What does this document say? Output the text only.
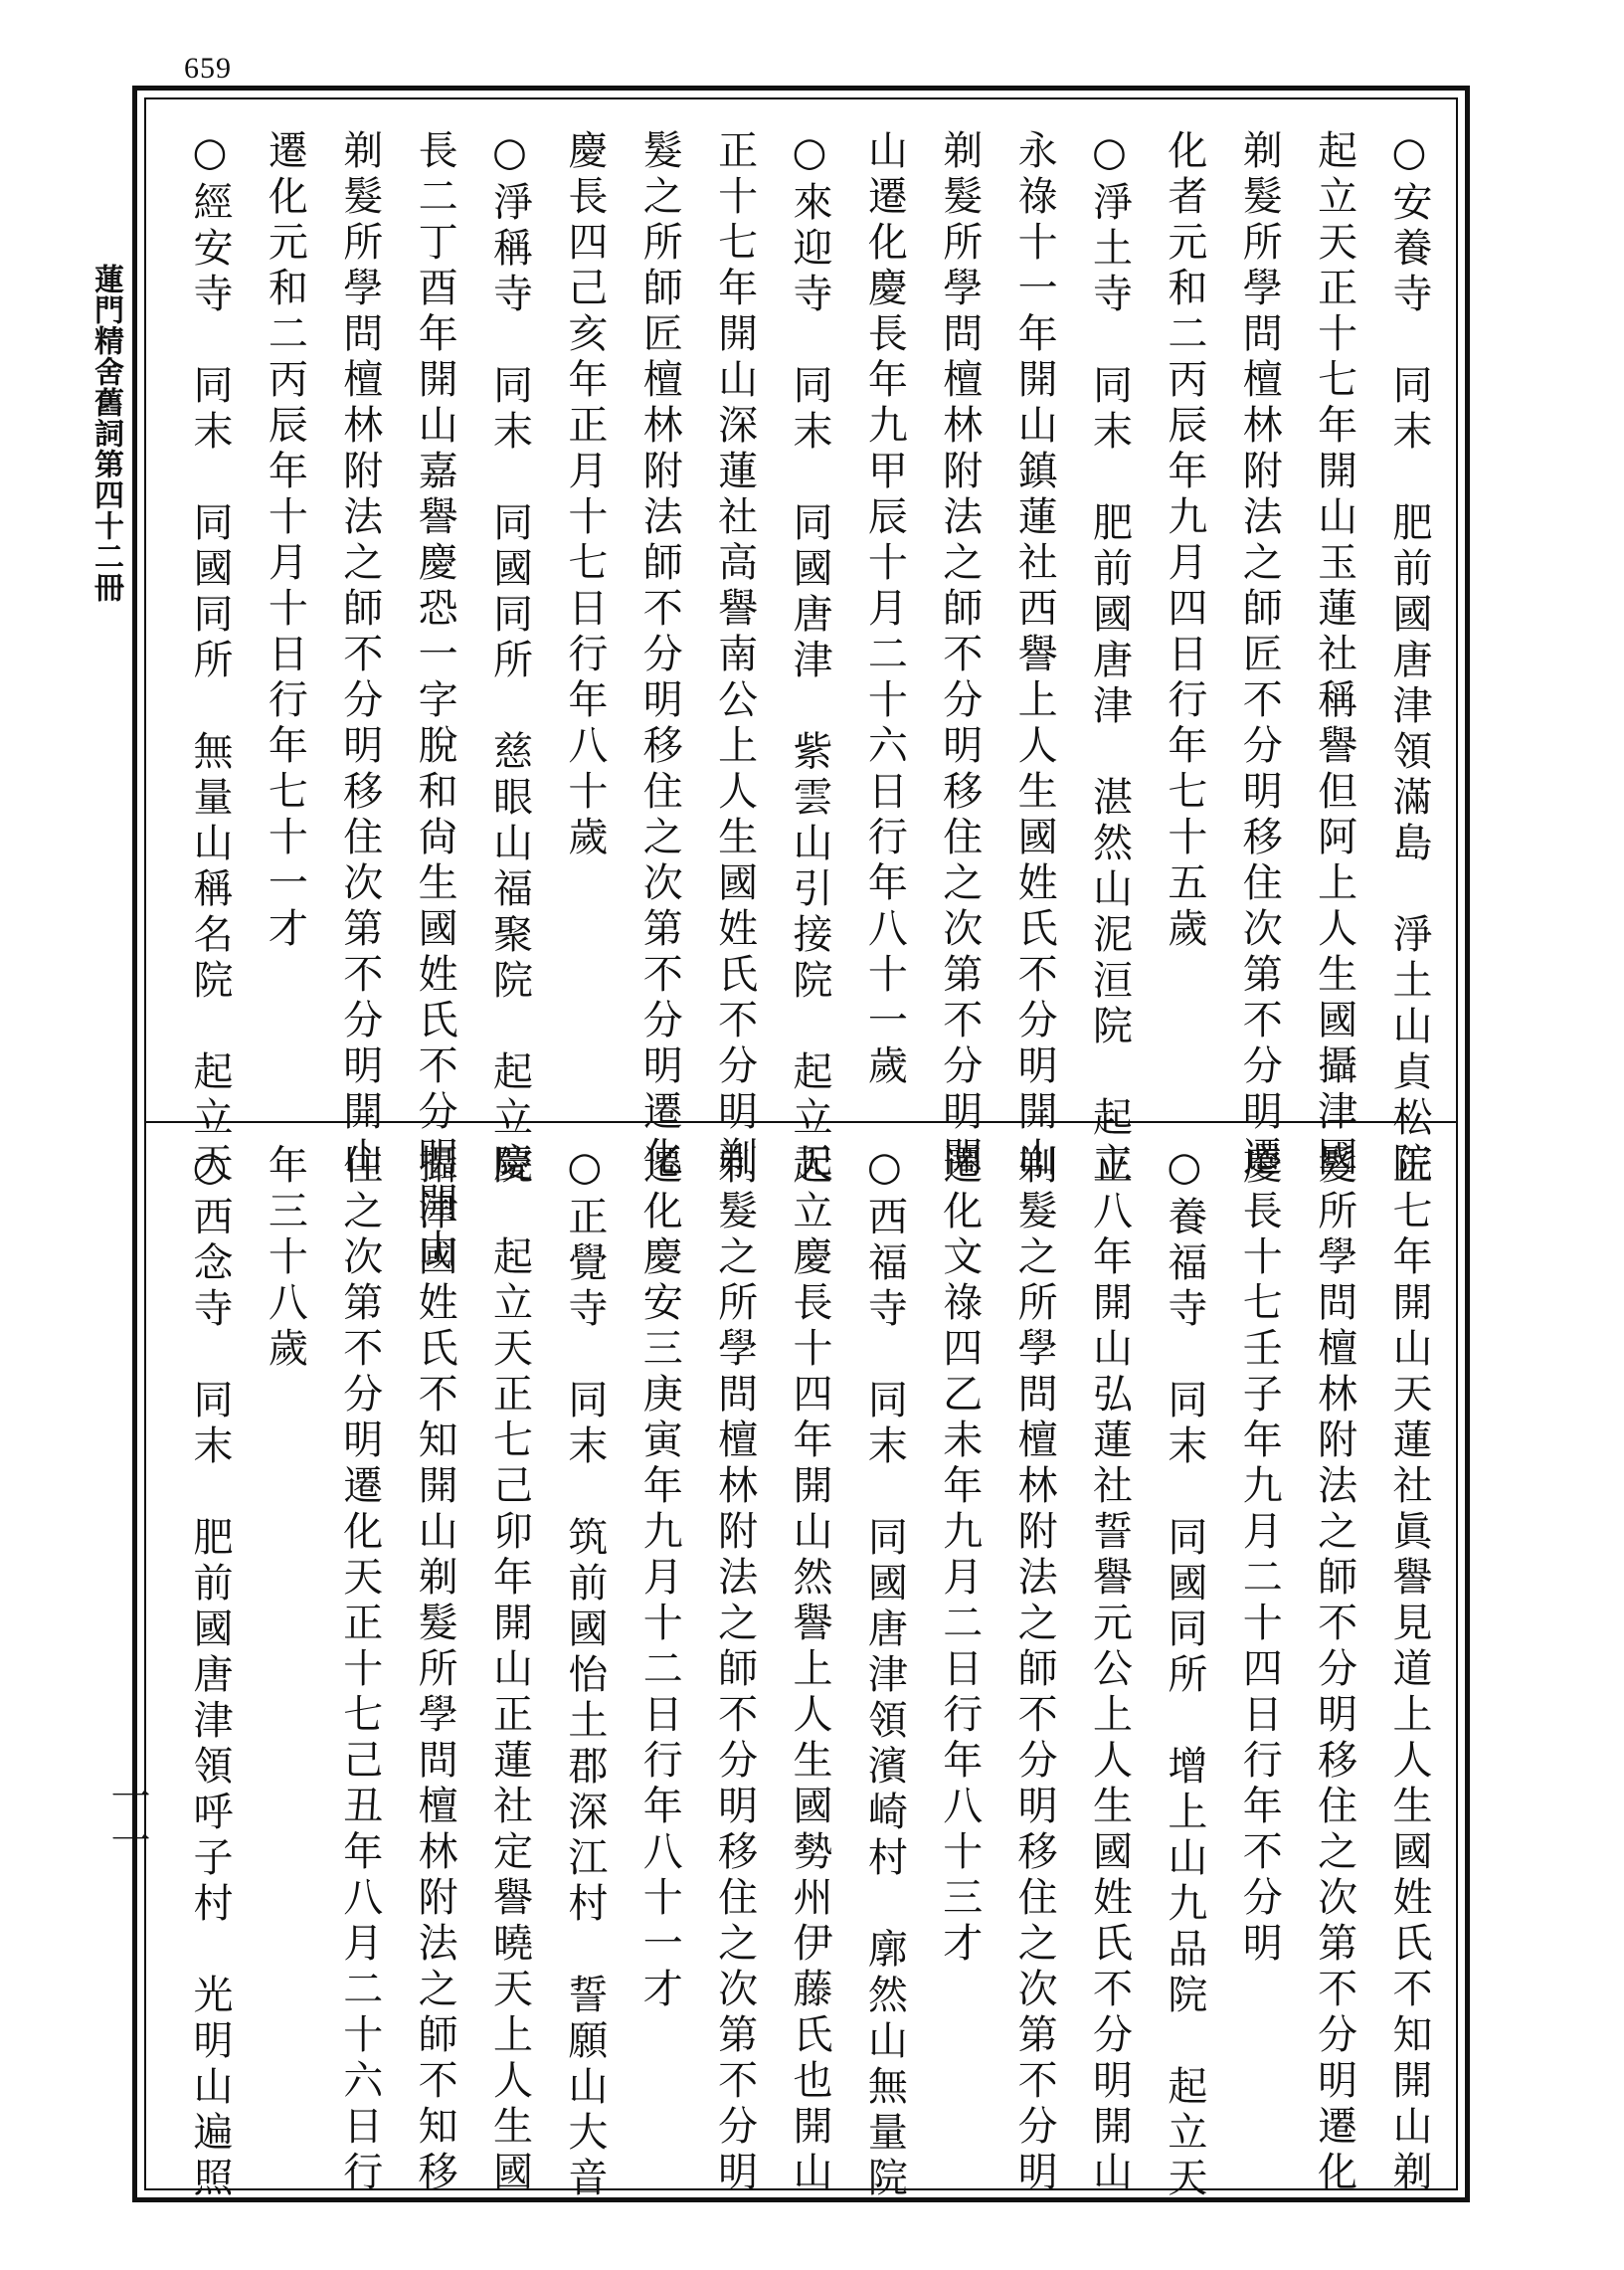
659
蓮門精舍舊詞第四十二冊
一一
○安養寺　同末　肥前國唐津領滿島　淨土山貞松院
起立天正十七年開山玉蓮社稱譽但阿上人生國攝津國
剃髮所學問檀林附法之師匠不分明移住次第不分明遷
化者元和二丙辰年九月四日行年七十五歲
○淨土寺　同末　肥前國唐津　湛然山泥洹院　起立
永祿十一年開山鎮蓮社西譽上人生國姓氏不分明開山
剃髮所學問檀林附法之師不分明移住之次第不分明開
山遷化慶長年九甲辰十月二十六日行年八十一歲
○來迎寺　同末　同國唐津　紫雲山引接院　起立天
正十七年開山深蓮社高譽南公上人生國姓氏不分明剃
髮之所師匠檀林附法師不分明移住之次第不分明遷化
慶長四己亥年正月十七日行年八十歲
○淨稱寺　同末　同國同所　慈眼山福聚院　起立慶
長二丁酉年開山嘉譽慶恐一字脫和尙生國姓氏不分明開山
剃髮所學問檀林附法之師不分明移住次第不分明開山
遷化元和二丙辰年十月十日行年七十一才
○經安寺　同末　同國同所　無量山稱名院　起立天
正七年開山天蓮社眞譽見道上人生國姓氏不知開山剃
髮所學問檀林附法之師不分明移住之次第不分明遷化
慶長十七壬子年九月二十四日行年不分明
○養福寺　同末　同國同所　增上山九品院　起立天
正八年開山弘蓮社誓譽元公上人生國姓氏不分明開山
剃髮之所學問檀林附法之師不分明移住之次第不分明
遷化文祿四乙未年九月二日行年八十三才
○西福寺　同末　同國唐津領濱崎村　廓然山無量院
起立慶長十四年開山然譽上人生國勢州伊藤氏也開山
剃髮之所學問檀林附法之師不分明移住之次第不分明
遷化慶安三庚寅年九月十二日行年八十一才
○正覺寺　同末　筑前國怡土郡深江村　誓願山大音
院　起立天正七己卯年開山正蓮社定譽曉天上人生國
攝津國姓氏不知開山剃髮所學問檀林附法之師不知移
住之次第不分明遷化天正十七己丑年八月二十六日行
年三十八歲
○西念寺　同末　肥前國唐津領呼子村　光明山遍照
